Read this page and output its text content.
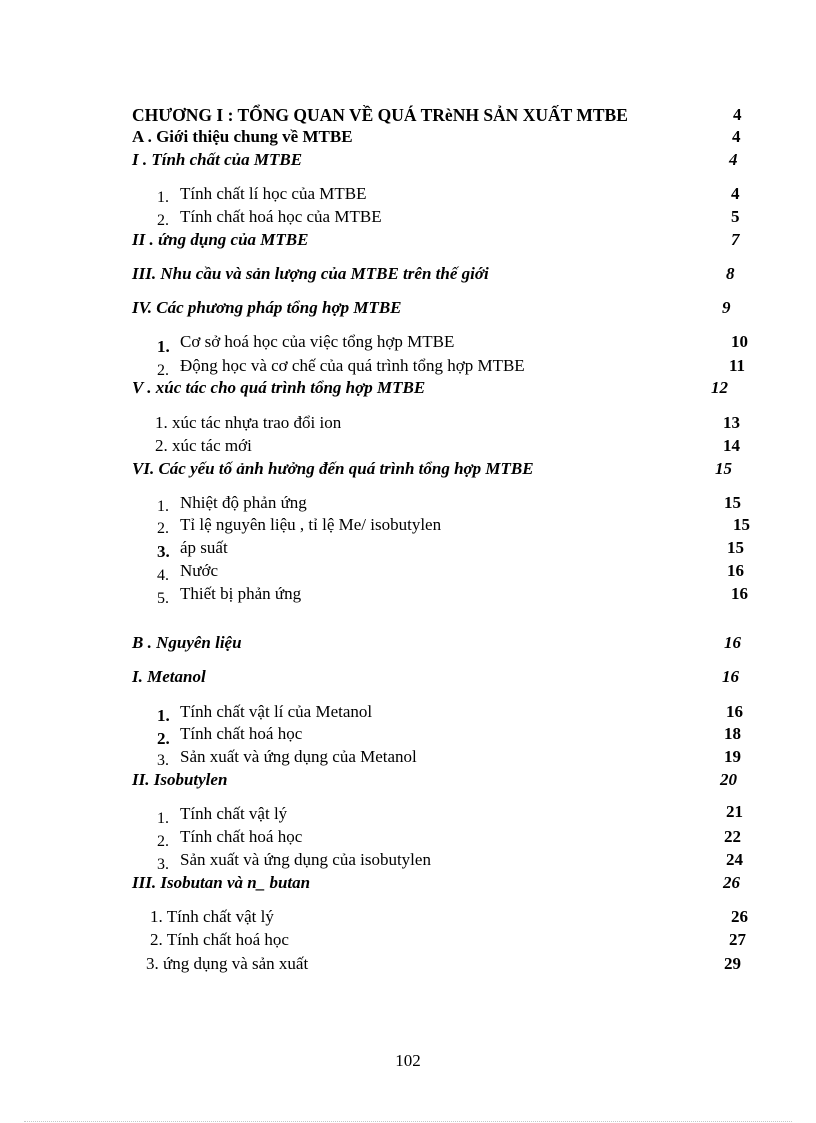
CHƯƠNG I : TỔNG QUAN VỀ QUÁ TRèNH SẢN XUẤT MTBE	4
A . Giới thiệu chung về MTBE	4
I . Tính chất của MTBE	4
1. Tính chất lí học của MTBE	4
2. Tính chất hoá học của MTBE	5
II . ứng dụng của MTBE	7
III. Nhu cầu và sản lượng của MTBE trên thế giới	8
IV. Các phương pháp tổng hợp MTBE	9
1. Cơ sở hoá học của việc tổng hợp MTBE	10
2. Động học và cơ chế của quá trình tổng hợp MTBE	11
V . xúc tác cho quá trình tổng hợp MTBE	12
1. xúc tác nhựa trao đổi ion	13
2. xúc tác mới	14
VI. Các yếu tố ảnh hưởng đến quá trình tổng hợp MTBE	15
1. Nhiệt độ phản ứng	15
2. Tỉ lệ nguyên liệu , tỉ lệ Me/ isobutylen	15
3. áp suất	15
4. Nước	16
5. Thiết bị phản ứng	16
B . Nguyên liệu	16
I. Metanol	16
1. Tính chất vật lí của Metanol	16
2. Tính chất hoá học	18
3. Sản xuất và ứng dụng của Metanol	19
II. Isobutylen	20
1. Tính chất vật lý	21
2. Tính chất hoá học	22
3. Sản xuất và ứng dụng của isobutylen	24
III. Isobutan và n_ butan	26
1. Tính chất vật lý	26
2. Tính chất hoá học	27
3. ứng dụng và sản xuất	29
102
